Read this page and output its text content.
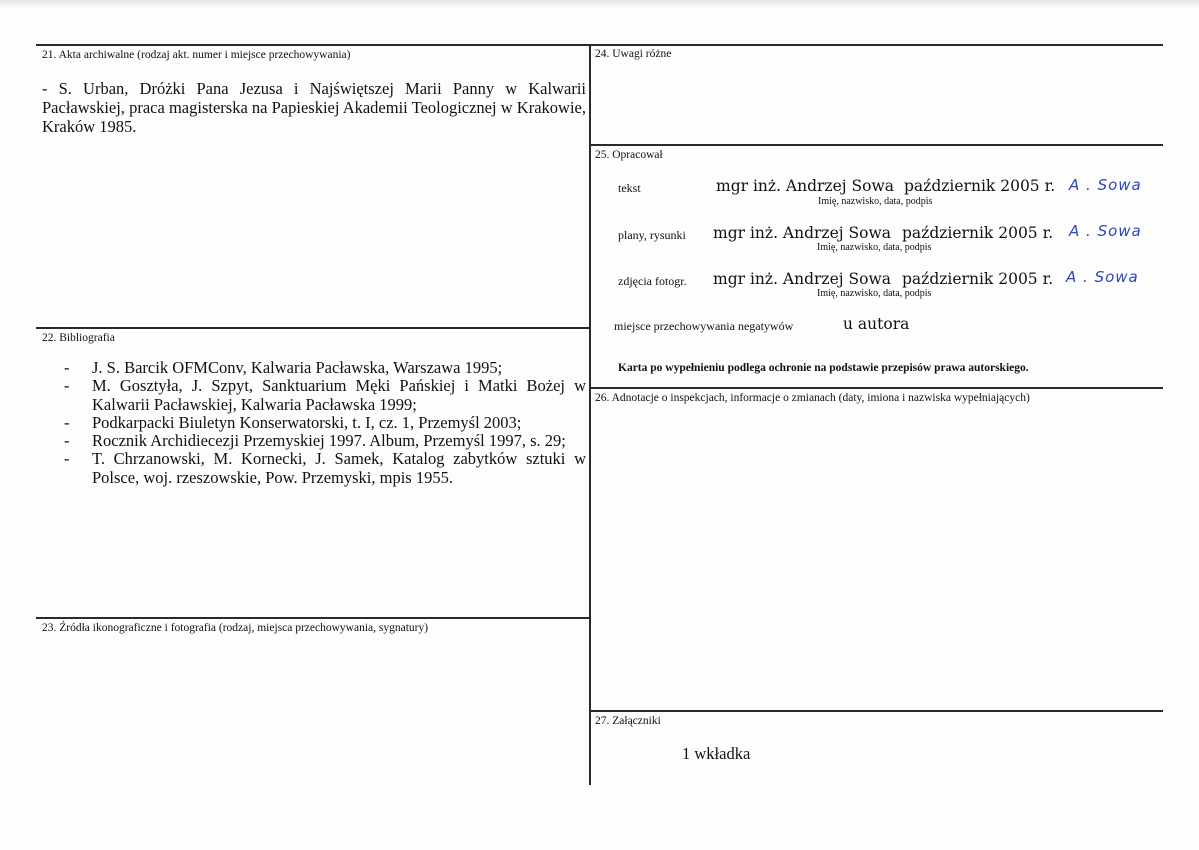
21. Akta archiwalne (rodzaj akt. numer i miejsce przechowywania)
- S. Urban, Dróżki Pana Jezusa i Najświętszej Marii Panny w Kalwarii Pacławskiej, praca magisterska na Papieskiej Akademii Teologicznej w Krakowie, Kraków 1985.
22. Bibliografia
- J. S. Barcik OFMConv, Kalwaria Pacławska, Warszawa 1995;
- M. Gosztyła, J. Szpyt, Sanktuarium Męki Pańskiej i Matki Bożej w Kalwarii Pacławskiej, Kalwaria Pacławska 1999;
- Podkarpacki Biuletyn Konserwatorski, t. I, cz. 1, Przemyśl 2003;
- Rocznik Archidiecezji Przemyskiej 1997. Album, Przemyśl 1997, s. 29;
- T. Chrzanowski, M. Kornecki, J. Samek, Katalog zabytków sztuki w Polsce, woj. rzeszowskie, Pow. Przemyski, mpis 1955.
23. Źródła ikonograficzne i fotografia (rodzaj, miejsca przechowywania, sygnatury)
24. Uwagi różne
25. Opracował
tekst	mgr inż. Andrzej Sowa październik 2005 r. A . Sowa
Imię, nazwisko, data, podpis
plany, rysunki mgr inż. Andrzej Sowa październik 2005 r. A . Sowa
Imię, nazwisko, data, podpis
zdjęcia fotogr. mgr inż. Andrzej Sowa październik 2005 r. A . Sowa
Imię, nazwisko, data, podpis
miejsce przechowywania negatywów	u autora
Karta po wypełnieniu podlega ochronie na podstawie przepisów prawa autorskiego.
26. Adnotacje o inspekcjach, informacje o zmianach (daty, imiona i nazwiska wypełniających)
27. Załączniki
1 wkładka
